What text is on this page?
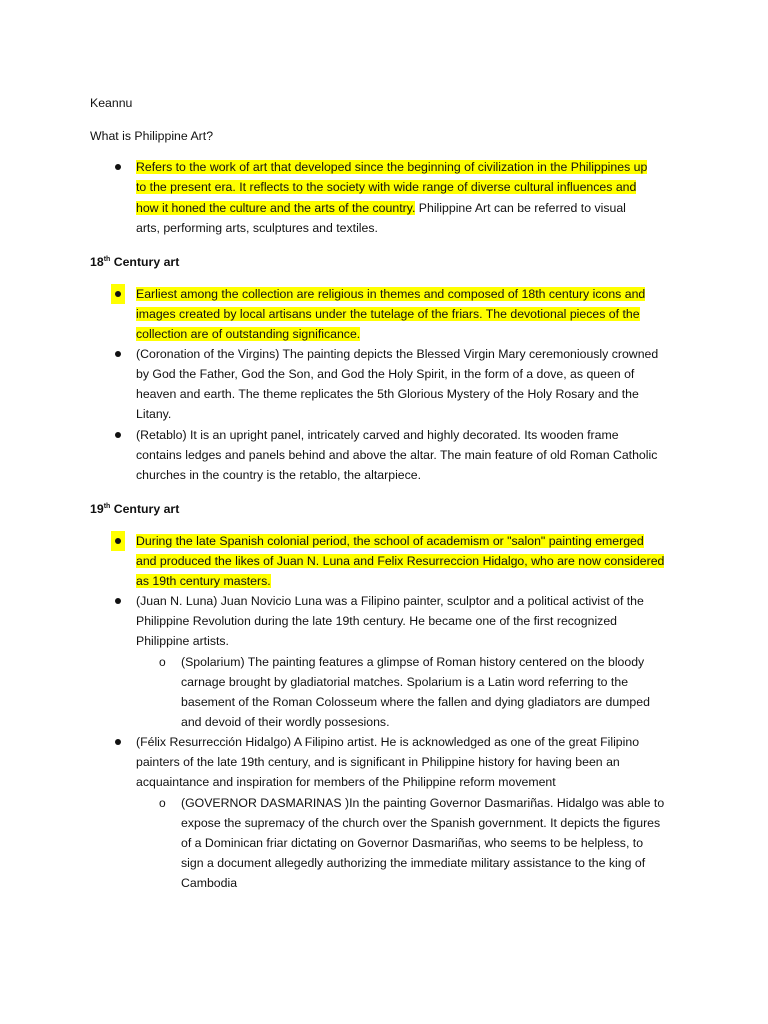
Keannu
What is Philippine Art?
Refers to the work of art that developed since the beginning of civilization in the Philippines up
to the present era. It reflects to the society with wide range of diverse cultural influences and
how it honed the culture and the arts of the country. Philippine Art can be referred to visual
arts, performing arts, sculptures and textiles.
18th Century art
Earliest among the collection are religious in themes and composed of 18th century icons and
images created by local artisans under the tutelage of the friars. The devotional pieces of the
collection are of outstanding significance.
(Coronation of the Virgins) The painting depicts the Blessed Virgin Mary ceremoniously crowned
by God the Father, God the Son, and God the Holy Spirit, in the form of a dove, as queen of
heaven and earth. The theme replicates the 5th Glorious Mystery of the Holy Rosary and the
Litany.
(Retablo) It is an upright panel, intricately carved and highly decorated. Its wooden frame
contains ledges and panels behind and above the altar. The main feature of old Roman Catholic
churches in the country is the retablo, the altarpiece.
19th Century art
During the late Spanish colonial period, the school of academism or "salon" painting emerged
and produced the likes of Juan N. Luna and Felix Resurreccion Hidalgo, who are now considered
as 19th century masters.
(Juan N. Luna) Juan Novicio Luna was a Filipino painter, sculptor and a political activist of the
Philippine Revolution during the late 19th century. He became one of the first recognized
Philippine artists.
o (Spolarium) The painting features a glimpse of Roman history centered on the bloody
carnage brought by gladiatorial matches. Spolarium is a Latin word referring to the
basement of the Roman Colosseum where the fallen and dying gladiators are dumped
and devoid of their wordly possesions.
(Félix Resurrección Hidalgo) A Filipino artist. He is acknowledged as one of the great Filipino
painters of the late 19th century, and is significant in Philippine history for having been an
acquaintance and inspiration for members of the Philippine reform movement
o (GOVERNOR DASMARINAS )In the painting Governor Dasmariñas. Hidalgo was able to
expose the supremacy of the church over the Spanish government. It depicts the figures
of a Dominican friar dictating on Governor Dasmariñas, who seems to be helpless, to
sign a document allegedly authorizing the immediate military assistance to the king of
Cambodia
